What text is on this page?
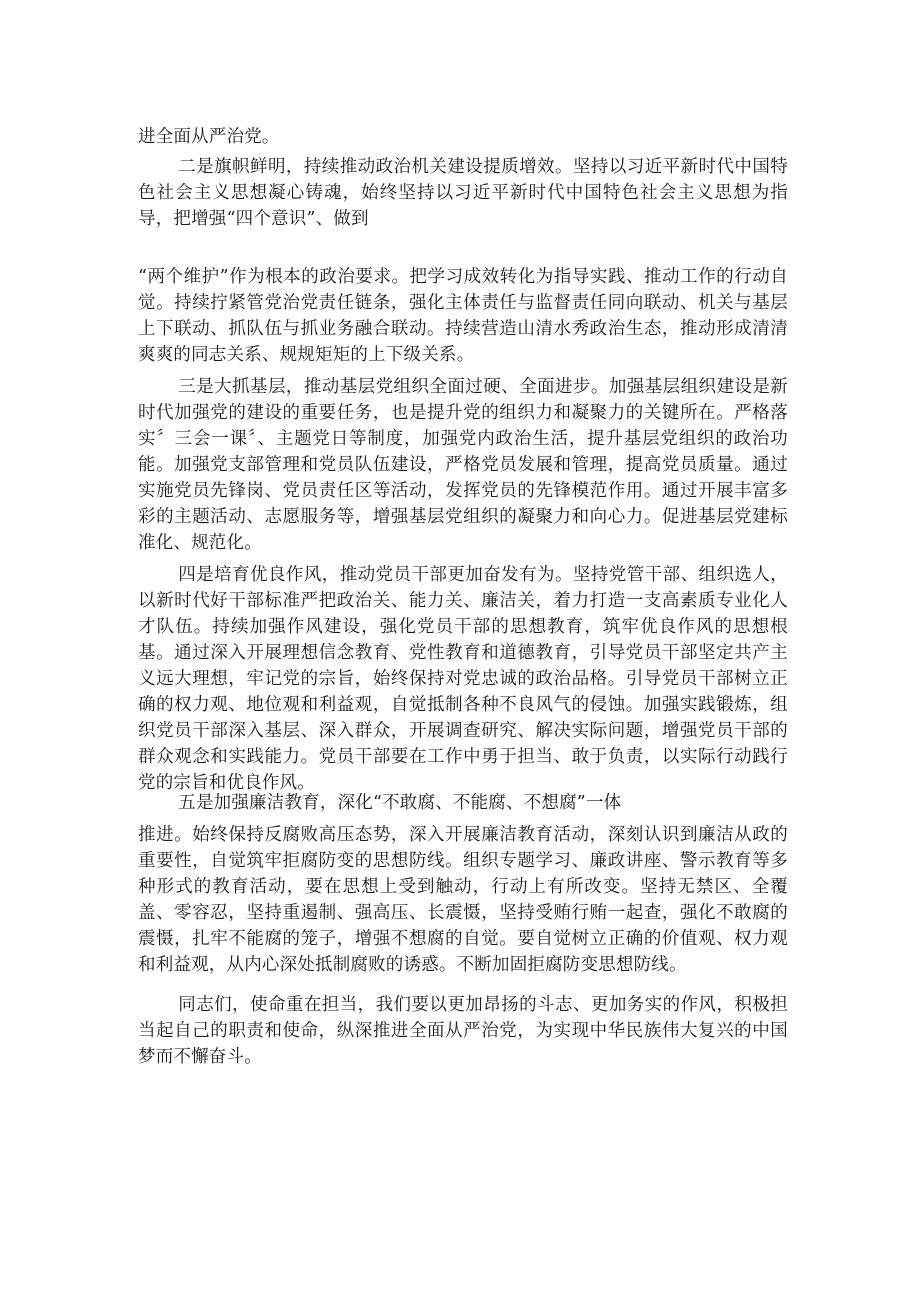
进全面从严治党。

二是旗帜鲜明，持续推动政治机关建设提质增效。坚持以习近平新时代中国特色社会主义思想凝心铸魂，始终坚持以习近平新时代中国特色社会主义思想为指导，把增强“四个意识”、做到

“两个维护”作为根本的政治要求。把学习成效转化为指导实践、推动工作的行动自觉。持续拧紧管党治党责任链条，强化主体责任与监督责任同向联动、机关与基层上下联动、抓队伍与抓业务融合联动。持续营造山清水秀政治生态，推动形成清清爽爽的同志关系、规规矩矩的上下级关系。

三是大抓基层，推动基层党组织全面过硬、全面进步。加强基层组织建设是新时代加强党的建设的重要任务，也是提升党的组织力和凝聚力的关键所在。严格落实〞三会一课〞、主题党日等制度，加强党内政治生活，提升基层党组织的政治功能。加强党支部管理和党员队伍建设，严格党员发展和管理，提高党员质量。通过实施党员先锋岗、党员责任区等活动，发挥党员的先锋模范作用。通过开展丰富多彩的主题活动、志愿服务等，增强基层党组织的凝聚力和向心力。促进基层党建标准化、规范化。

四是培育优良作风，推动党员干部更加奋发有为。坚持党管干部、组织选人，以新时代好干部标准严把政治关、能力关、廉洁关，着力打造一支高素质专业化人才队伍。持续加强作风建设，强化党员干部的思想教育，筑牢优良作风的思想根基。通过深入开展理想信念教育、党性教育和道德教育，引导党员干部坚定共产主义远大理想，牢记党的宗旨，始终保持对党忠诚的政治品格。引导党员干部树立正确的权力观、地位观和利益观，自觉抵制各种不良风气的侵蚀。加强实践锻炼，组织党员干部深入基层、深入群众，开展调查研究、解决实际问题，增强党员干部的群众观念和实践能力。党员干部要在工作中勇于担当、敢于负责，以实际行动践行党的宗旨和优良作风。

五是加强廉洁教育，深化“不敢腐、不能腐、不想腐”一体

推进。始终保持反腐败高压态势，深入开展廉洁教育活动，深刻认识到廉洁从政的重要性，自觉筑牢拒腐防变的思想防线。组织专题学习、廉政讲座、警示教育等多种形式的教育活动，要在思想上受到触动，行动上有所改变。坚持无禁区、全覆盖、零容忍，坚持重遏制、强高压、长震慑，坚持受贿行贿一起查，强化不敢腐的震慑，扎牢不能腐的笼子，增强不想腐的自觉。要自觉树立正确的价值观、权力观和利益观，从内心深处抵制腐败的诱惑。不断加固拒腐防变思想防线。

同志们，使命重在担当，我们要以更加昂扬的斗志、更加务实的作风，积极担当起自己的职责和使命，纵深推进全面从严治党，为实现中华民族伟大复兴的中国梦而不懈奋斗。
